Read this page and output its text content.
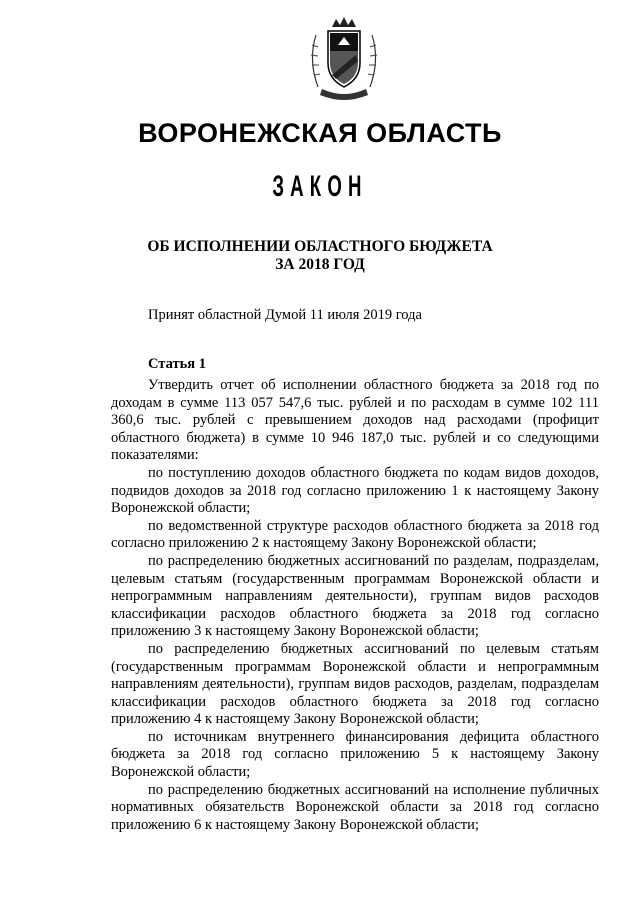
ВОРОНЕЖСКАЯ ОБЛАСТЬ
ЗАКОН
ОБ ИСПОЛНЕНИИ ОБЛАСТНОГО БЮДЖЕТА
ЗА 2018 ГОД
Принят областной Думой 11 июля 2019 года
Статья 1

Утвердить отчет об исполнении областного бюджета за 2018 год по доходам в сумме 113 057 547,6 тыс. рублей и по расходам в сумме 102 111 360,6 тыс. рублей с превышением доходов над расходами (профицит областного бюджета) в сумме 10 946 187,0 тыс. рублей и со следующими показателями:

по поступлению доходов областного бюджета по кодам видов доходов, подвидов доходов за 2018 год согласно приложению 1 к настоящему Закону Воронежской области;

по ведомственной структуре расходов областного бюджета за 2018 год согласно приложению 2 к настоящему Закону Воронежской области;

по распределению бюджетных ассигнований по разделам, подразделам, целевым статьям (государственным программам Воронежской области и непрограммным направлениям деятельности), группам видов расходов классификации расходов областного бюджета за 2018 год согласно приложению 3 к настоящему Закону Воронежской области;

по распределению бюджетных ассигнований по целевым статьям (государственным программам Воронежской области и непрограммным направлениям деятельности), группам видов расходов, разделам, подразделам классификации расходов областного бюджета за 2018 год согласно приложению 4 к настоящему Закону Воронежской области;

по источникам внутреннего финансирования дефицита областного бюджета за 2018 год согласно приложению 5 к настоящему Закону Воронежской области;

по распределению бюджетных ассигнований на исполнение публичных нормативных обязательств Воронежской области за 2018 год согласно приложению 6 к настоящему Закону Воронежской области;
